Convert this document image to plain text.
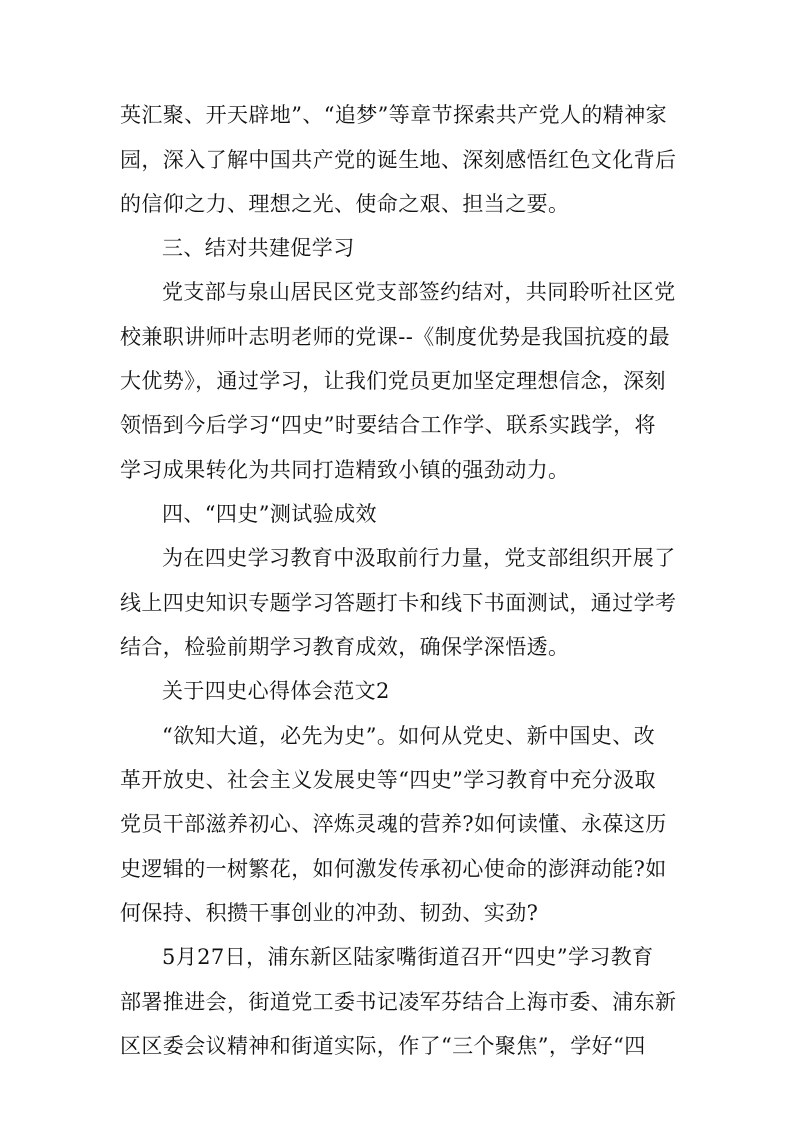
英汇聚、开天辟地”、“追梦”等章节探索共产党人的精神家
园，深入了解中国共产党的诞生地、深刻感悟红色文化背后
的信仰之力、理想之光、使命之艰、担当之要。
三、结对共建促学习
党支部与泉山居民区党支部签约结对，共同聆听社区党
校兼职讲师叶志明老师的党课--《制度优势是我国抗疫的最
大优势》，通过学习，让我们党员更加坚定理想信念，深刻
领悟到今后学习“四史”时要结合工作学、联系实践学，将
学习成果转化为共同打造精致小镇的强劲动力。
四、“四史”测试验成效
为在四史学习教育中汲取前行力量，党支部组织开展了
线上四史知识专题学习答题打卡和线下书面测试，通过学考
结合，检验前期学习教育成效，确保学深悟透。
关于四史心得体会范文2
“欲知大道，必先为史”。如何从党史、新中国史、改
革开放史、社会主义发展史等“四史”学习教育中充分汲取
党员干部滋养初心、淬炼灵魂的营养?如何读懂、永葆这历
史逻辑的一树繁花，如何激发传承初心使命的澎湃动能?如
何保持、积攒干事创业的冲劲、韧劲、实劲?
5月27日，浦东新区陆家嘴街道召开“四史”学习教育
部署推进会，街道党工委书记凌军芬结合上海市委、浦东新
区区委会议精神和街道实际，作了“三个聚焦”，学好“四
